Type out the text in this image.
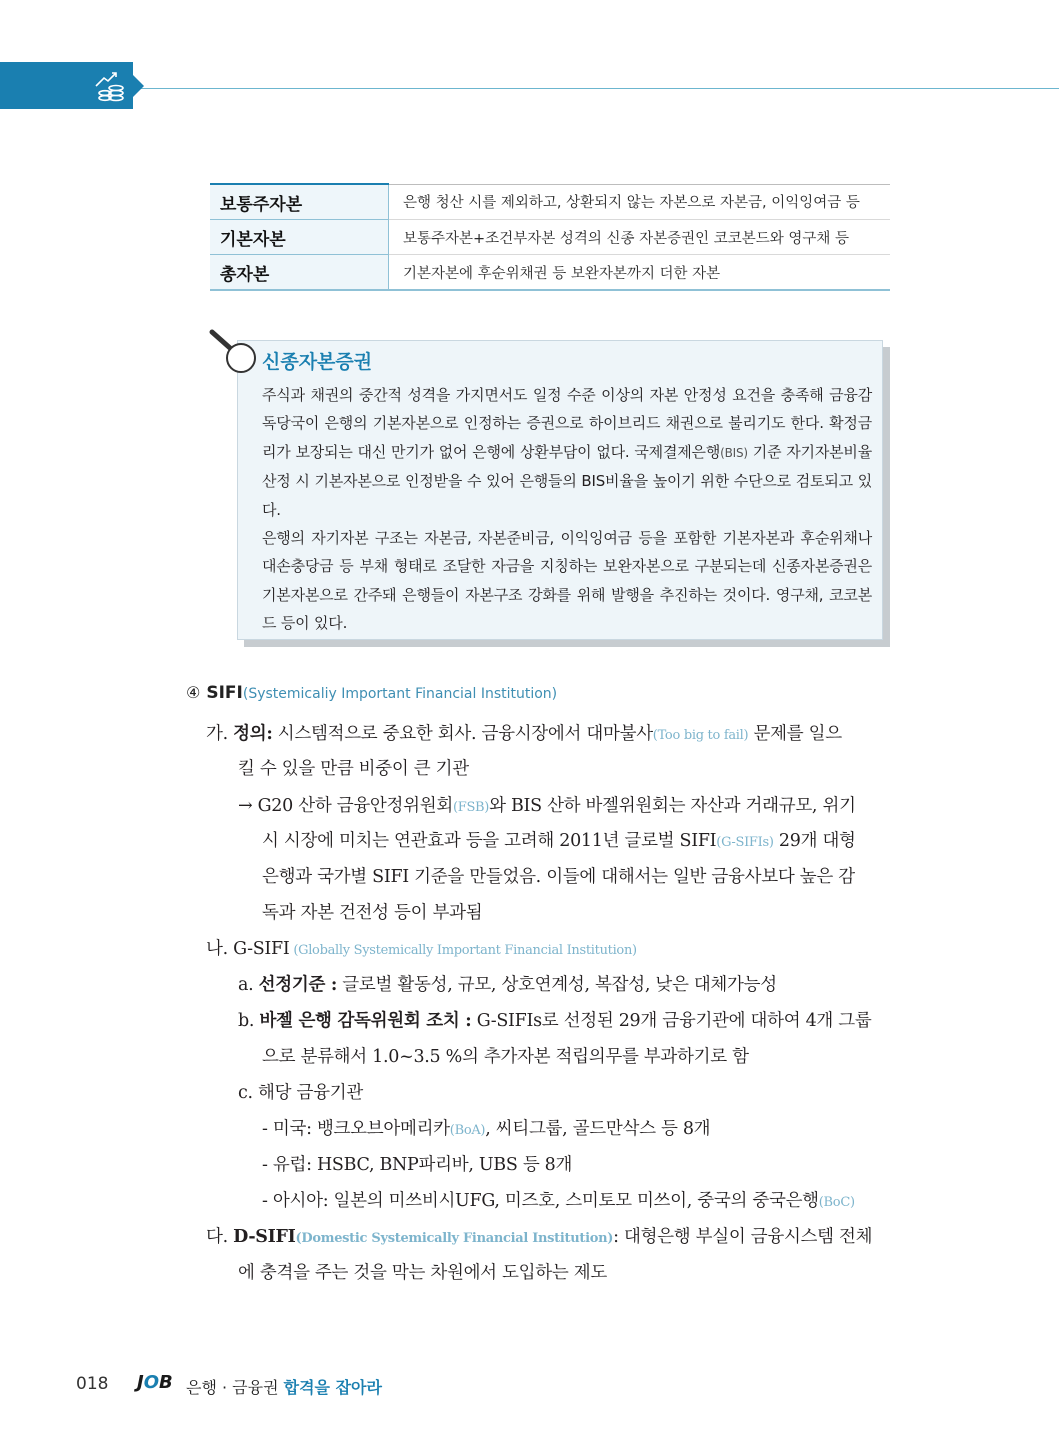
보통주자본	은행 청산 시를 제외하고, 상환되지 않는 자본으로 자본금, 이익잉여금 등
기본자본	보통주자본+조건부자본 성격의 신종 자본증권인 코코본드와 영구채 등
총자본	기본자본에 후순위채권 등 보완자본까지 더한 자본
신종자본증권

주식과 채권의 중간적 성격을 가지면서도 일정 수준 이상의 자본 안정성 요건을 충족해 금융감독당국이 은행의 기본자본으로 인정하는 증권으로 하이브리드 채권으로 불리기도 한다. 확정금리가 보장되는 대신 만기가 없어 은행에 상환부담이 없다. 국제결제은행(BIS) 기준 자기자본비율 산정 시 기본자본으로 인정받을 수 있어 은행들의 BIS비율을 높이기 위한 수단으로 검토되고 있다.

은행의 자기자본 구조는 자본금, 자본준비금, 이익잉여금 등을 포함한 기본자본과 후순위채나 대손충당금 등 부채 형태로 조달한 자금을 지칭하는 보완자본으로 구분되는데 신종자본증권은 기본자본으로 간주돼 은행들이 자본구조 강화를 위해 발행을 추진하는 것이다. 영구채, 코코본드 등이 있다.

④ SIFI(Systemicaliy Important Financial Institution)
가. 정의: 시스템적으로 중요한 회사. 금융시장에서 대마불사(Too big to fail) 문제를 일으
킬 수 있을 만큼 비중이 큰 기관
→ G20 산하 금융안정위원회(FSB)와 BIS 산하 바젤위원회는 자산과 거래규모, 위기
시 시장에 미치는 연관효과 등을 고려해 2011년 글로벌 SIFI(G-SIFIs) 29개 대형
은행과 국가별 SIFI 기준을 만들었음. 이들에 대해서는 일반 금융사보다 높은 감
독과 자본 건전성 등이 부과됨
나. G-SIFI (Globally Systemically Important Financial Institution)
a. 선정기준 : 글로벌 활동성, 규모, 상호연계성, 복잡성, 낮은 대체가능성
b. 바젤 은행 감독위원회 조치 : G-SIFIs로 선정된 29개 금융기관에 대하여 4개 그룹
으로 분류해서 1.0~3.5 %의 추가자본 적립의무를 부과하기로 함
c. 해당 금융기관
- 미국: 뱅크오브아메리카(BoA), 씨티그룹, 골드만삭스 등 8개
- 유럽: HSBC, BNP파리바, UBS 등 8개
- 아시아: 일본의 미쓰비시UFG, 미즈호, 스미토모 미쓰이, 중국의 중국은행(BoC)
다. D-SIFI(Domestic Systemically Financial Institution): 대형은행 부실이 금융시스템 전체
에 충격을 주는 것을 막는 차원에서 도입하는 제도
018 JOB 은행 · 금융권 합격을 잡아라
